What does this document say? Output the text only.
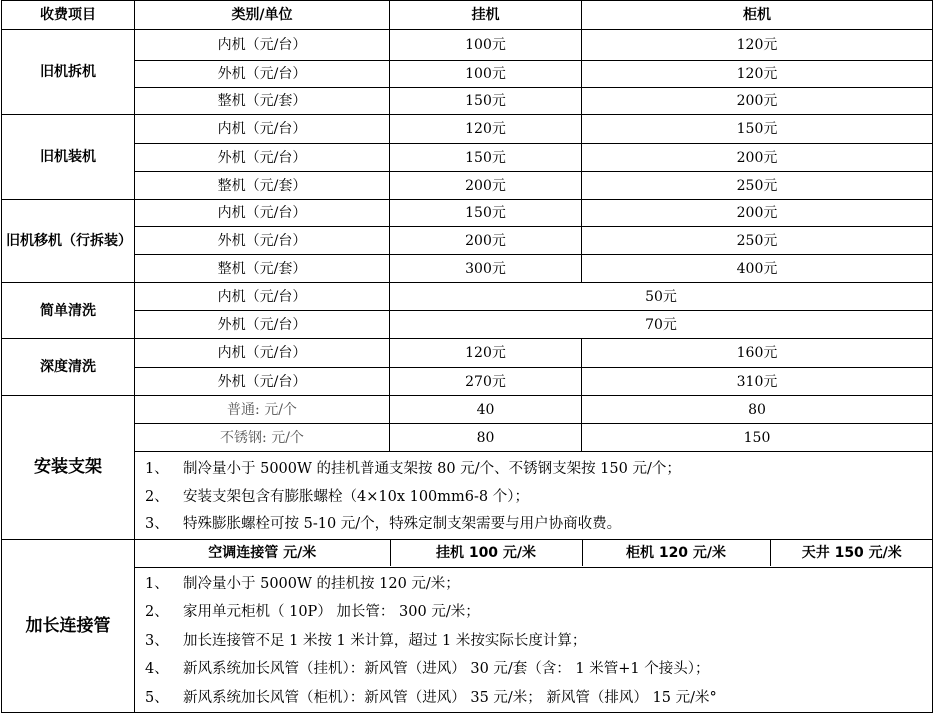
收费项目	类别/单位	挂机	柜机
旧机拆机	内机（元/台）	100元	120元
外机（元/台）	100元	120元
整机（元/套）	150元	200元
旧机装机	内机（元/台）	120元	150元
外机（元/台）	150元	200元
整机（元/套）	200元	250元
旧机移机（行拆装）	内机（元/台）	150元	200元
外机（元/台）	200元	250元
整机（元/套）	300元	400元
简单清洗	内机（元/台）	50元
外机（元/台）	70元
深度清洗	内机（元/台）	120元	160元
外机（元/台）	270元	310元
安装支架	普通: 元/个	40	80
不锈钢: 元/个	80	150

1、 制冷量小于 5000W 的挂机普通支架按 80 元/个、不锈钢支架按 150 元/个；
2、 安装支架包含有膨胀螺栓（4×10x 100mm6-8 个）；
3、 特殊膨胀螺栓可按 5-10 元/个，特殊定制支架需要与用户协商收费。

加长连接管	
空调连接管 元/米	挂机 100 元/米	柜机 120 元/米	天井 150 元/米

1、 制冷量小于 5000W 的挂机按 120 元/米；
2、 家用单元柜机（ 10P） 加长管： 300 元/米；
3、 加长连接管不足 1 米按 1 米计算，超过 1 米按实际长度计算；
4、 新风系统加长风管（挂机）：新风管（进风） 30 元/套（含： 1 米管+1 个接头）；
5、 新风系统加长风管（柜机）：新风管（进风） 35 元/米； 新风管（排风） 15 元/米°
